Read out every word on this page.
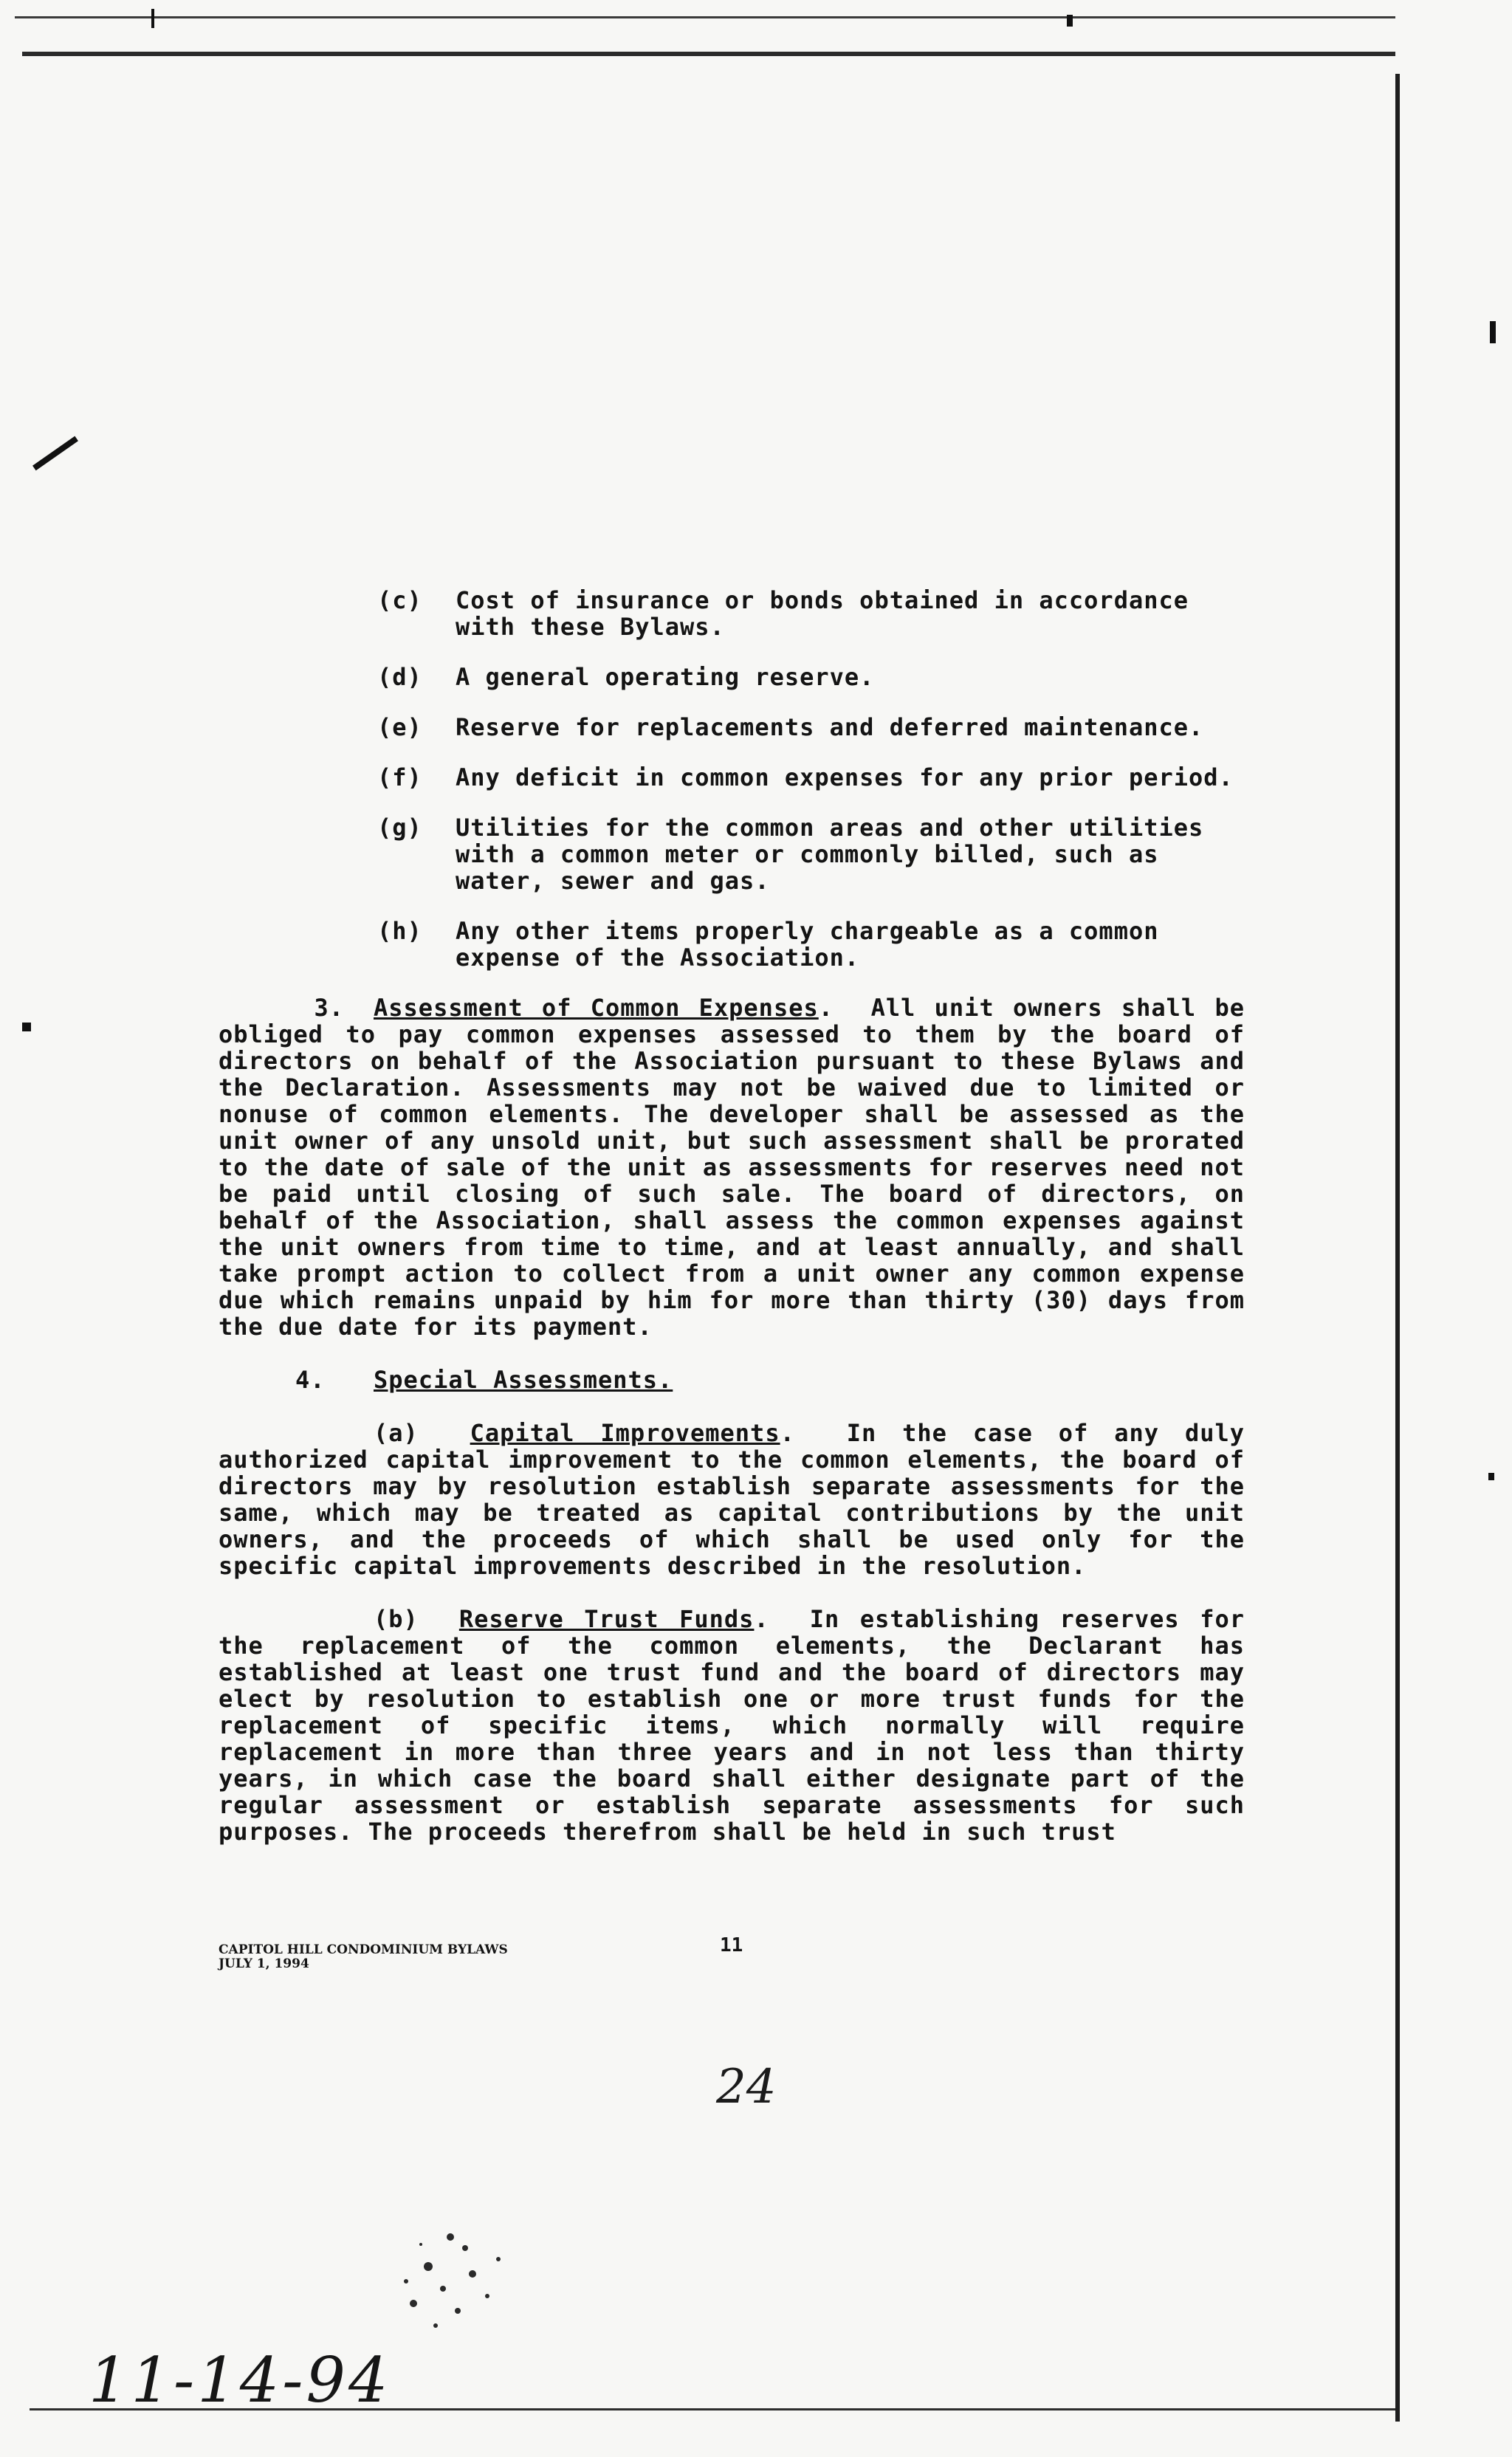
(c) Cost of insurance or bonds obtained in accordance with these Bylaws.
(d) A general operating reserve.
(e) Reserve for replacements and deferred maintenance.
(f) Any deficit in common expenses for any prior period.
(g) Utilities for the common areas and other utilities with a common meter or commonly billed, such as water, sewer and gas.
(h) Any other items properly chargeable as a common expense of the Association.

3. Assessment of Common Expenses.  All unit owners shall be obliged to pay common expenses assessed to them by the board of directors on behalf of the Association pursuant to these Bylaws and the Declaration. Assessments may not be waived due to limited or nonuse of common elements. The developer shall be assessed as the unit owner of any unsold unit, but such assessment shall be prorated to the date of sale of the unit as assessments for reserves need not be paid until closing of such sale. The board of directors, on behalf of the Association, shall assess the common expenses against the unit owners from time to time, and at least annually, and shall take prompt action to collect from a unit owner any common expense due which remains unpaid by him for more than thirty (30) days from the due date for its payment.

4. Special Assessments.

(a) Capital Improvements.  In the case of any duly authorized capital improvement to the common elements, the board of directors may by resolution establish separate assessments for the same, which may be treated as capital contributions by the unit owners, and the proceeds of which shall be used only for the specific capital improvements described in the resolution.

(b) Reserve Trust Funds.  In establishing reserves for the replacement of the common elements, the Declarant has established at least one trust fund and the board of directors may elect by resolution to establish one or more trust funds for the replacement of specific items, which normally will require replacement in more than three years and in not less than thirty years, in which case the board shall either designate part of the regular assessment or establish separate assessments for such purposes. The proceeds therefrom shall be held in such trust

CAPITOL HILL CONDOMINIUM BYLAWS
JULY 1, 1994
11
24
11-14-94
